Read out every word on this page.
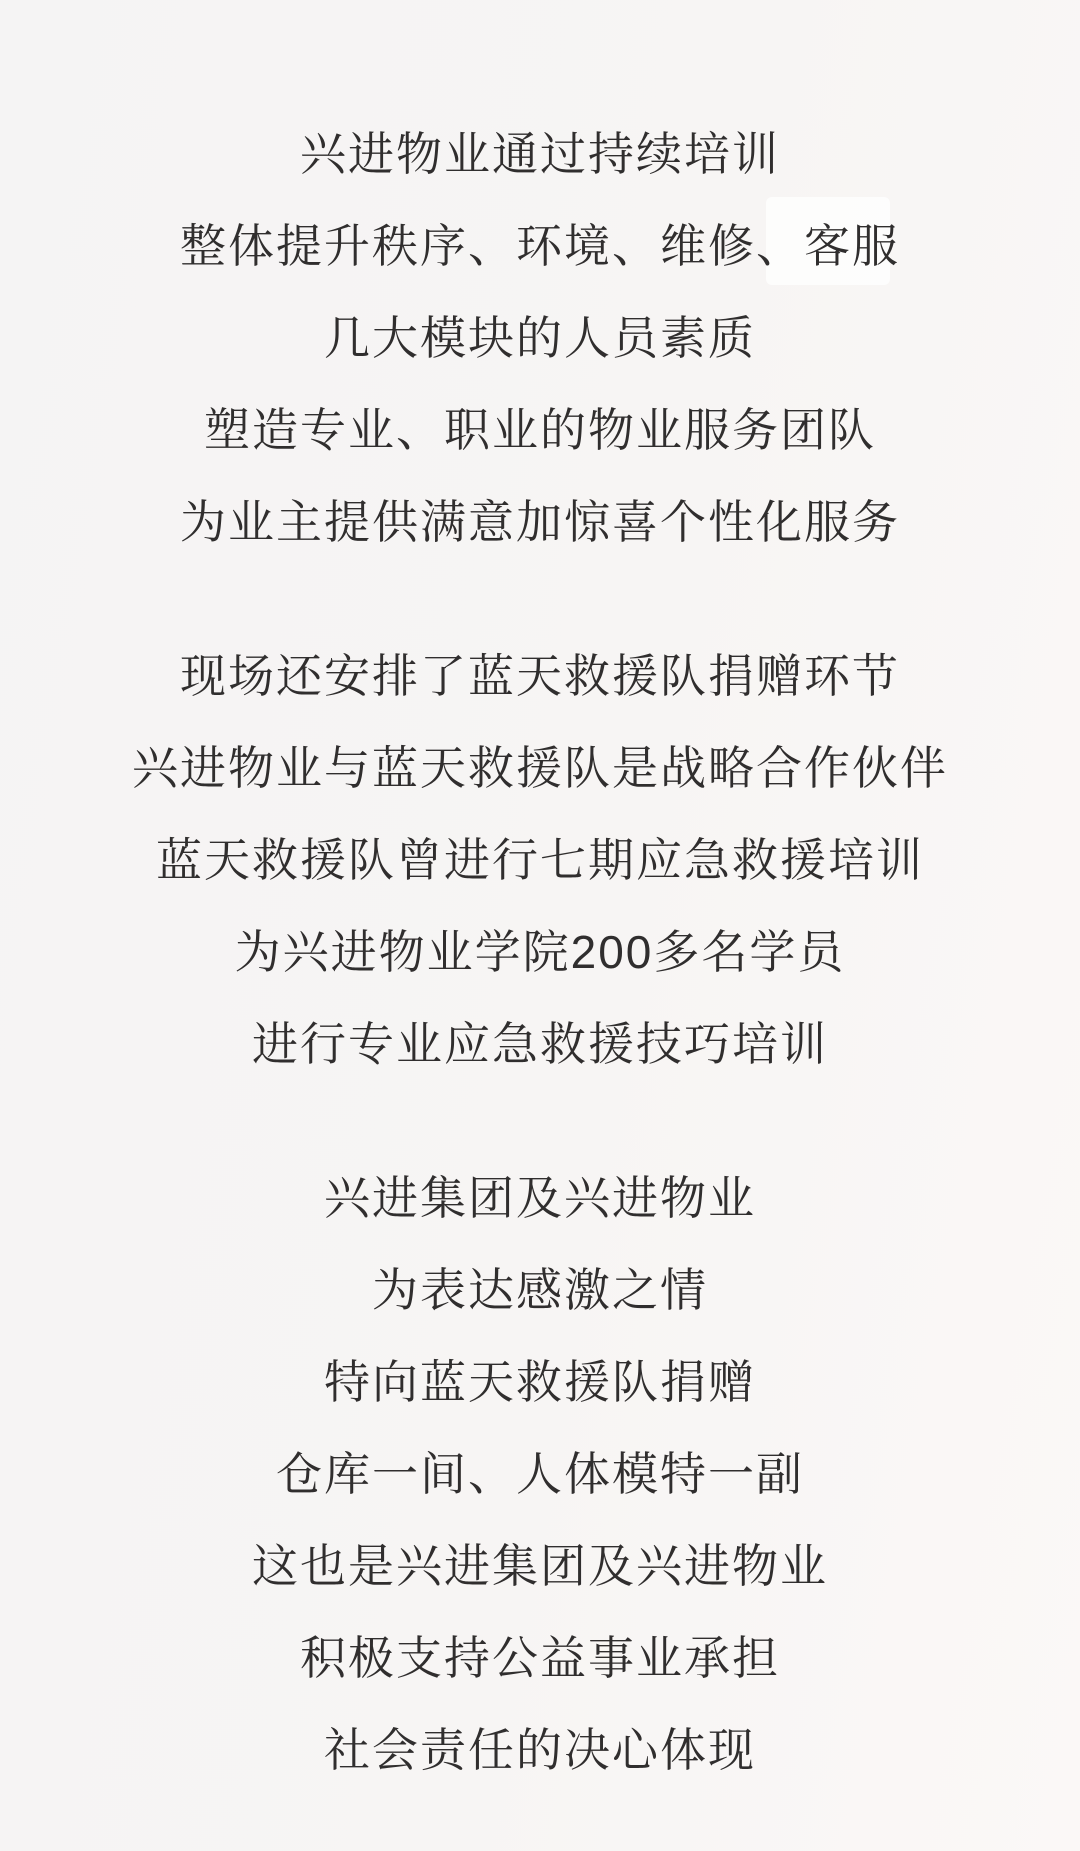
兴进物业通过持续培训

整体提升秩序、环境、维修、客服

几大模块的人员素质

塑造专业、职业的物业服务团队

为业主提供满意加惊喜个性化服务

现场还安排了蓝天救援队捐赠环节

兴进物业与蓝天救援队是战略合作伙伴

蓝天救援队曾进行七期应急救援培训

为兴进物业学院200多名学员

进行专业应急救援技巧培训

兴进集团及兴进物业

为表达感激之情

特向蓝天救援队捐赠

仓库一间、人体模特一副

这也是兴进集团及兴进物业

积极支持公益事业承担

社会责任的决心体现
